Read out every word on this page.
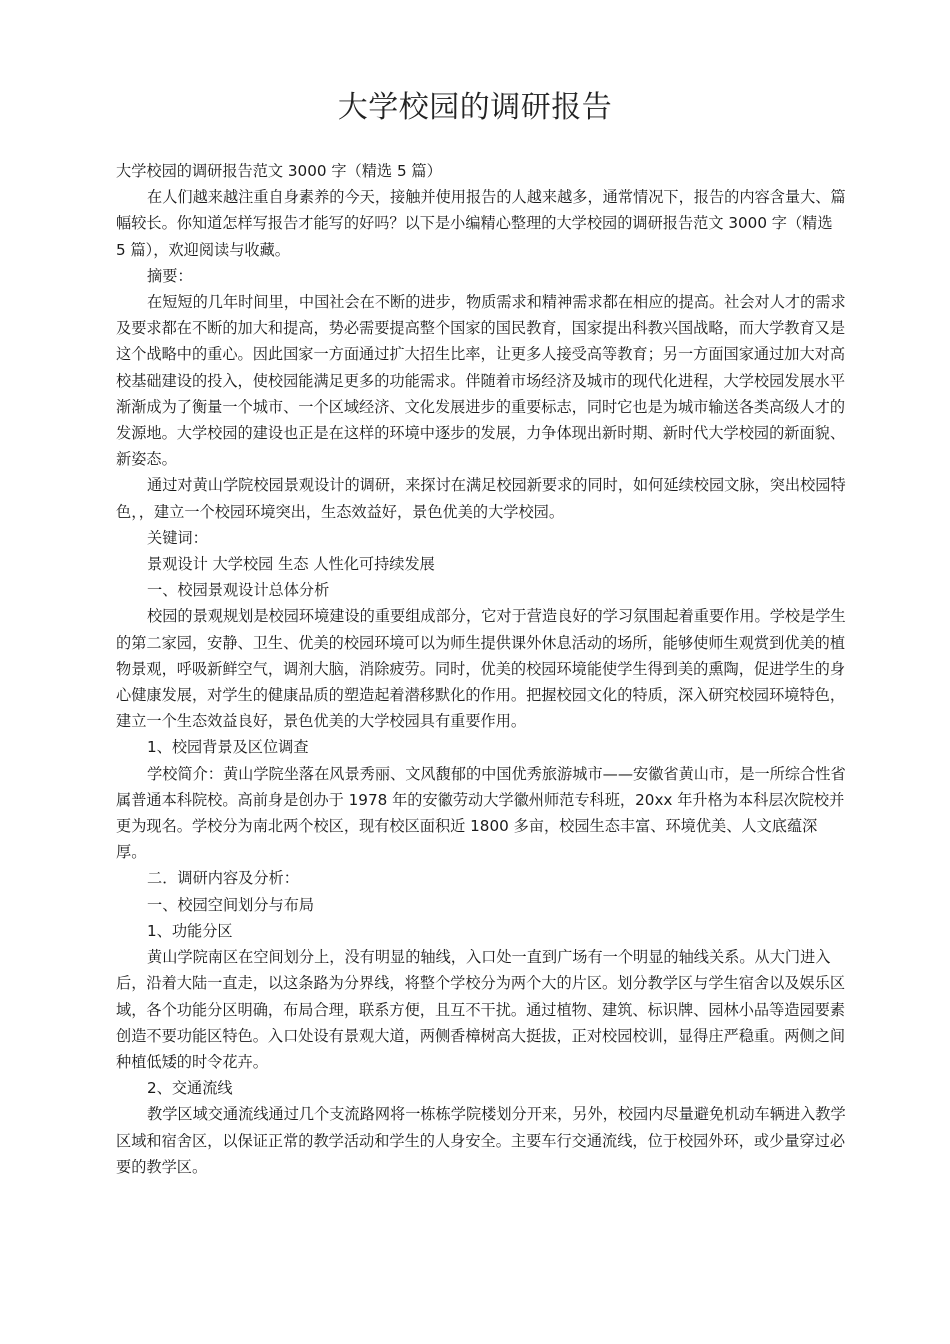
大学校园的调研报告

大学校园的调研报告范文 3000 字（精选 5 篇）

在人们越来越注重自身素养的今天，接触并使用报告的人越来越多，通常情况下，报告的内容含量大、篇幅较长。你知道怎样写报告才能写的好吗？以下是小编精心整理的大学校园的调研报告范文 3000 字（精选 5 篇），欢迎阅读与收藏。

摘要：

在短短的几年时间里，中国社会在不断的进步，物质需求和精神需求都在相应的提高。社会对人才的需求及要求都在不断的加大和提高，势必需要提高整个国家的国民教育，国家提出科教兴国战略，而大学教育又是这个战略中的重心。因此国家一方面通过扩大招生比率，让更多人接受高等教育；另一方面国家通过加大对高校基础建设的投入，使校园能满足更多的功能需求。伴随着市场经济及城市的现代化进程，大学校园发展水平渐渐成为了衡量一个城市、一个区域经济、文化发展进步的重要标志，同时它也是为城市输送各类高级人才的发源地。大学校园的建设也正是在这样的环境中逐步的发展，力争体现出新时期、新时代大学校园的新面貌、新姿态。

通过对黄山学院校园景观设计的调研，来探讨在满足校园新要求的同时，如何延续校园文脉，突出校园特色，，建立一个校园环境突出，生态效益好，景色优美的大学校园。

关键词：

景观设计 大学校园 生态 人性化可持续发展

一、校园景观设计总体分析

校园的景观规划是校园环境建设的重要组成部分，它对于营造良好的学习氛围起着重要作用。学校是学生的第二家园，安静、卫生、优美的校园环境可以为师生提供课外休息活动的场所，能够使师生观赏到优美的植物景观，呼吸新鲜空气，调剂大脑，消除疲劳。同时，优美的校园环境能使学生得到美的熏陶，促进学生的身心健康发展，对学生的健康品质的塑造起着潜移默化的作用。把握校园文化的特质，深入研究校园环境特色，建立一个生态效益良好，景色优美的大学校园具有重要作用。

1、校园背景及区位调查

学校简介：黄山学院坐落在风景秀丽、文风馥郁的中国优秀旅游城市——安徽省黄山市，是一所综合性省属普通本科院校。高前身是创办于 1978 年的安徽劳动大学徽州师范专科班，20xx 年升格为本科层次院校并更为现名。学校分为南北两个校区，现有校区面积近 1800 多亩，校园生态丰富、环境优美、人文底蕴深厚。

二．调研内容及分析：

一、校园空间划分与布局

1、功能分区

黄山学院南区在空间划分上，没有明显的轴线，入口处一直到广场有一个明显的轴线关系。从大门进入后，沿着大陆一直走，以这条路为分界线，将整个学校分为两个大的片区。划分教学区与学生宿舍以及娱乐区域，各个功能分区明确，布局合理，联系方便，且互不干扰。通过植物、建筑、标识牌、园林小品等造园要素创造不要功能区特色。入口处设有景观大道，两侧香樟树高大挺拔，正对校园校训，显得庄严稳重。两侧之间种植低矮的时令花卉。

2、交通流线

教学区域交通流线通过几个支流路网将一栋栋学院楼划分开来，另外，校园内尽量避免机动车辆进入教学区域和宿舍区，以保证正常的教学活动和学生的人身安全。主要车行交通流线，位于校园外环，或少量穿过必要的教学区。
